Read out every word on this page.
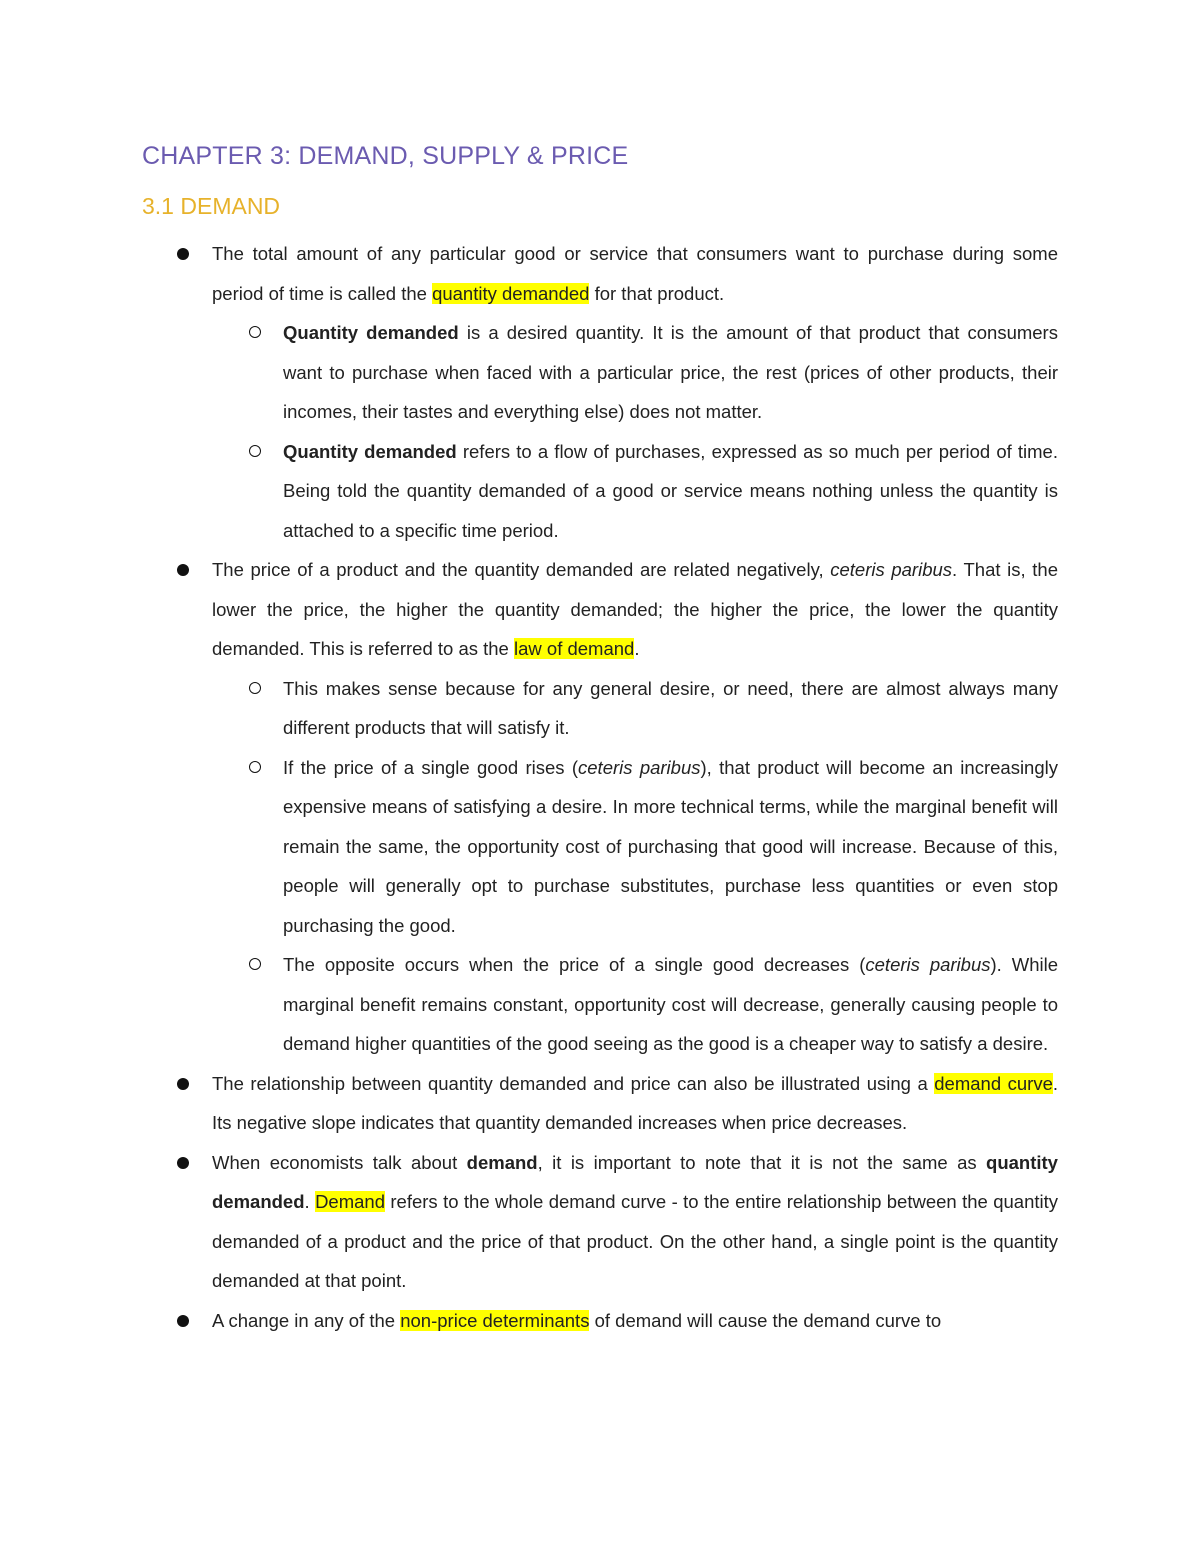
CHAPTER 3: DEMAND, SUPPLY & PRICE
3.1 DEMAND

The total amount of any particular good or service that consumers want to purchase during some period of time is called the quantity demanded for that product.

Quantity demanded is a desired quantity. It is the amount of that product that consumers want to purchase when faced with a particular price, the rest (prices of other products, their incomes, their tastes and everything else) does not matter.

Quantity demanded refers to a flow of purchases, expressed as so much per period of time. Being told the quantity demanded of a good or service means nothing unless the quantity is attached to a specific time period.

The price of a product and the quantity demanded are related negatively, ceteris paribus. That is, the lower the price, the higher the quantity demanded; the higher the price, the lower the quantity demanded. This is referred to as the law of demand.

This makes sense because for any general desire, or need, there are almost always many different products that will satisfy it.

If the price of a single good rises (ceteris paribus), that product will become an increasingly expensive means of satisfying a desire. In more technical terms, while the marginal benefit will remain the same, the opportunity cost of purchasing that good will increase. Because of this, people will generally opt to purchase substitutes, purchase less quantities or even stop purchasing the good.

The opposite occurs when the price of a single good decreases (ceteris paribus). While marginal benefit remains constant, opportunity cost will decrease, generally causing people to demand higher quantities of the good seeing as the good is a cheaper way to satisfy a desire.

The relationship between quantity demanded and price can also be illustrated using a demand curve. Its negative slope indicates that quantity demanded increases when price decreases.

When economists talk about demand, it is important to note that it is not the same as quantity demanded. Demand refers to the whole demand curve - to the entire relationship between the quantity demanded of a product and the price of that product. On the other hand, a single point is the quantity demanded at that point.

A change in any of the non-price determinants of demand will cause the demand curve to
